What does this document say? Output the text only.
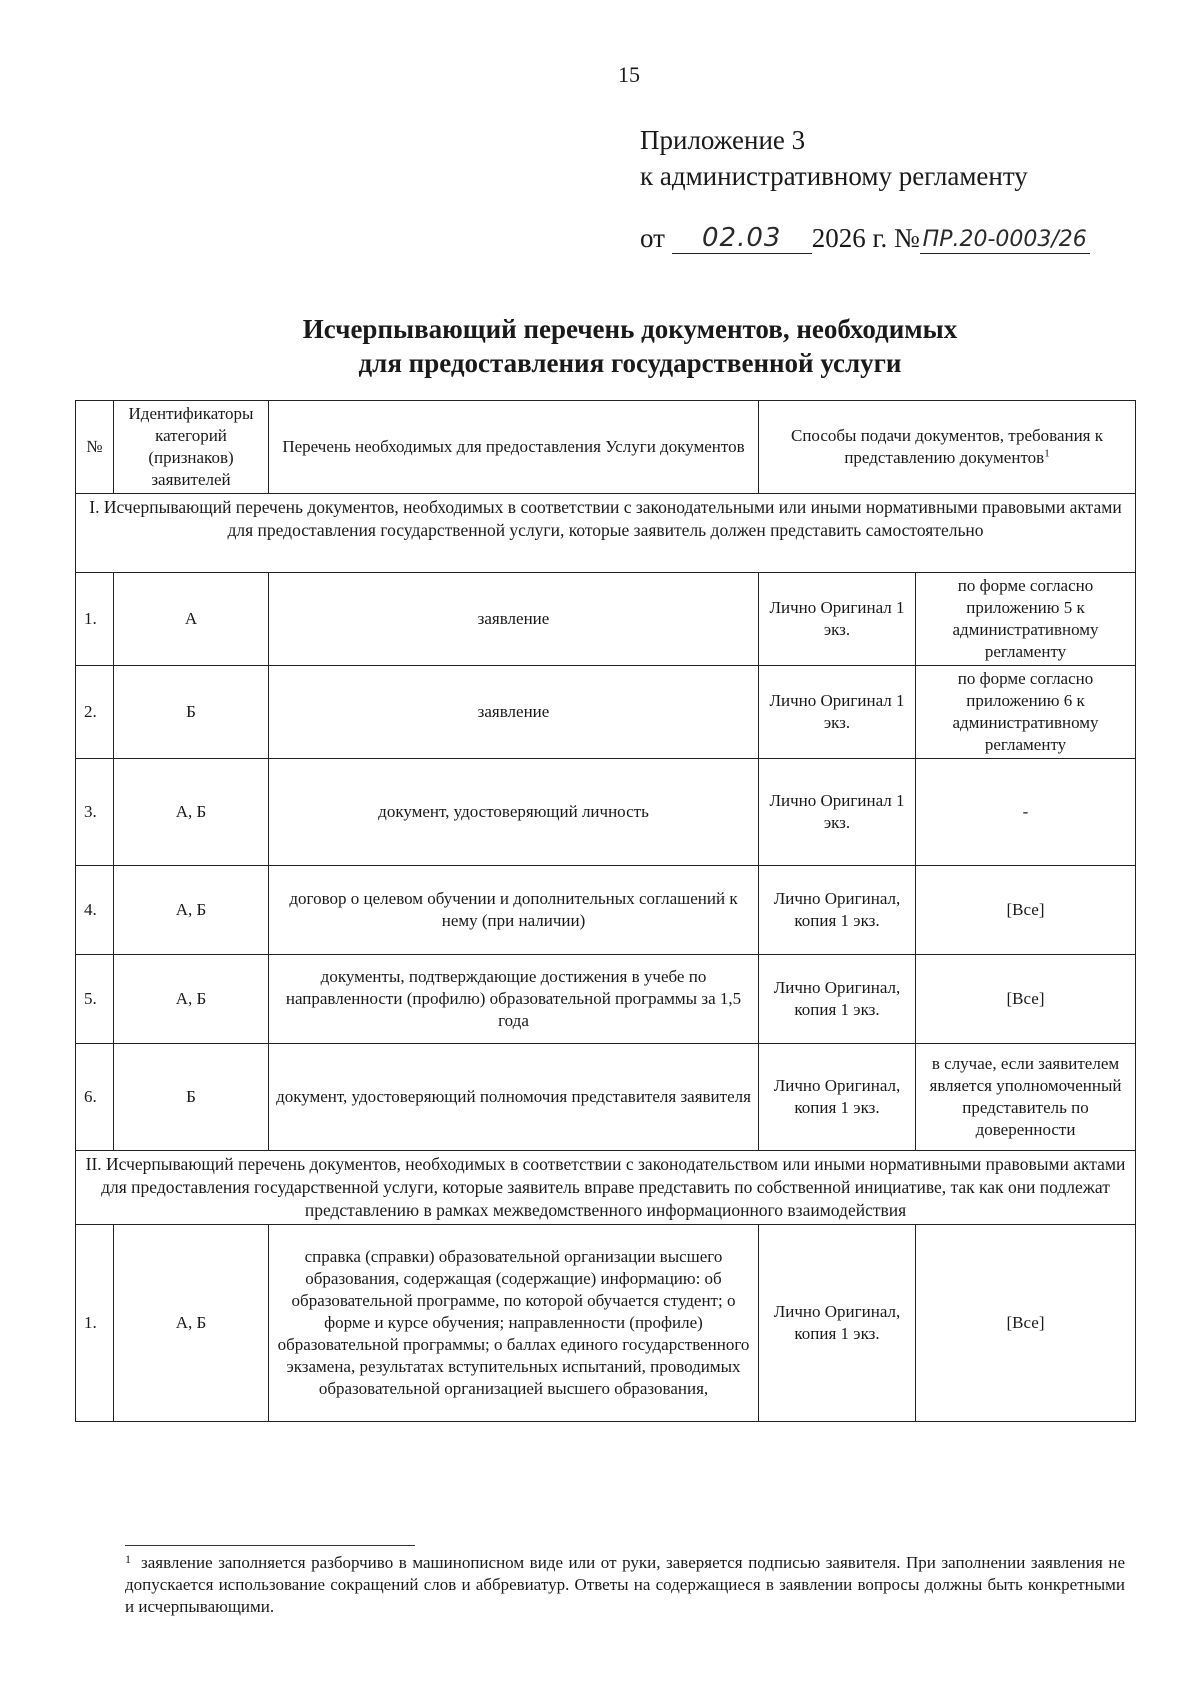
15
Приложение 3
к административному регламенту
от 02.03 2026 г. № ПР.20-0003/26
Исчерпывающий перечень документов, необходимых
для предоставления государственной услуги
№	Идентификаторы категорий (признаков) заявителей	Перечень необходимых для предоставления Услуги документов	Способы подачи документов, требования к представлению документов$^1$
I. Исчерпывающий перечень документов, необходимых в соответствии с законодательными или иными нормативными правовыми актами для предоставления государственной услуги, которые заявитель должен представить самостоятельно				
1.	А	заявление	Лично Оригинал 1 экз.	по форме согласно приложению 5 к административному регламенту
2.	Б	заявление	Лично Оригинал 1 экз.	по форме согласно приложению 6 к административному регламенту
3.	А, Б	документ, удостоверяющий личность	Лично Оригинал 1 экз.	-
4.	А, Б	договор о целевом обучении и дополнительных соглашений к нему (при наличии)	Лично Оригинал, копия 1 экз.	[Все]
5.	А, Б	документы, подтверждающие достижения в учебе по направленности (профилю) образовательной программы за 1,5 года	Лично Оригинал, копия 1 экз.	[Все]
6.	Б	документ, удостоверяющий полномочия представителя заявителя	Лично Оригинал, копия 1 экз.	в случае, если заявителем является уполномоченный представитель по доверенности
II. Исчерпывающий перечень документов, необходимых в соответствии с законодательством или иными нормативными правовыми актами для предоставления государственной услуги, которые заявитель вправе представить по собственной инициативе, так как они подлежат представлению в рамках межведомственного информационного взаимодействия				
1.	А, Б	справка (справки) образовательной организации высшего образования, содержащая (содержащие) информацию: об образовательной программе, по которой обучается студент; о форме и курсе обучения; направленности (профиле) образовательной программы; о баллах единого государственного экзамена, результатах вступительных испытаний, проводимых образовательной организацией высшего образования,	Лично Оригинал, копия 1 экз.	[Все]
$^1$ заявление заполняется разборчиво в машинописном виде или от руки, заверяется подписью заявителя. При заполнении заявления не допускается использование сокращений слов и аббревиатур. Ответы на содержащиеся в заявлении вопросы должны быть конкретными и исчерпывающими.
